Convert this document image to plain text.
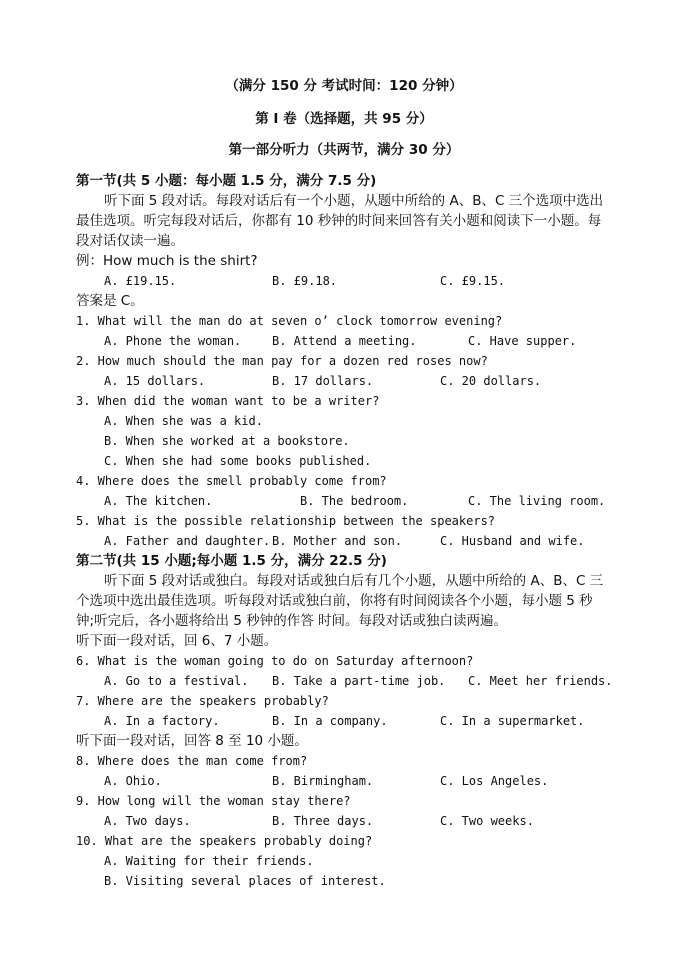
（满分 150 分 考试时间：120 分钟）
第 I 卷（选择题，共 95 分）
第一部分听力（共两节，满分 30 分）
第一节(共 5 小题：每小题 1.5 分，满分 7.5 分)
听下面 5 段对话。每段对话后有一个小题，从题中所给的 A、B、C 三个选项中选出
最佳选项。听完每段对话后，你都有 10 秒钟的时间来回答有关小题和阅读下一小题。每
段对话仅读一遍。
例：How much is the shirt?
A. £19.15.	B. £9.18.	C. £9.15.
答案是 C。
1. What will the man do at seven o’ clock tomorrow evening?
A. Phone the woman.	B. Attend a meeting.	C. Have supper.
2. How much should the man pay for a dozen red roses now?
A. 15 dollars.	B. 17 dollars.	C. 20 dollars.
3. When did the woman want to be a writer?
A. When she was a kid.
B. When she worked at a bookstore.
C. When she had some books published.
4. Where does the smell probably come from?
A. The kitchen.	B. The bedroom.	C. The living room.
5. What is the possible relationship between the speakers?
A. Father and daughter. B. Mother and son.	C. Husband and wife.
第二节(共 15 小题;每小题 1.5 分，满分 22.5 分)
听下面 5 段对话或独白。每段对话或独白后有几个小题，从题中所给的 A、B、C 三
个选项中选出最佳选项。听每段对话或独白前，你将有时间阅读各个小题，每小题 5 秒
钟;听完后，各小题将给出 5 秒钟的作答 时间。每段对话或独白读两遍。
听下面一段对话，回 6、7 小题。
6. What is the woman going to do on Saturday afternoon?
A. Go to a festival. B. Take a part-time job. C. Meet her friends.
7. Where are the speakers probably?
A. In a factory.	B. In a company.	C. In a supermarket.
听下面一段对话，回答 8 至 10 小题。
8. Where does the man come from?
A. Ohio.	B. Birmingham.	C. Los Angeles.
9. How long will the woman stay there?
A. Two days.	B. Three days.	C. Two weeks.
10. What are the speakers probably doing?
A. Waiting for their friends.
B. Visiting several places of interest.
